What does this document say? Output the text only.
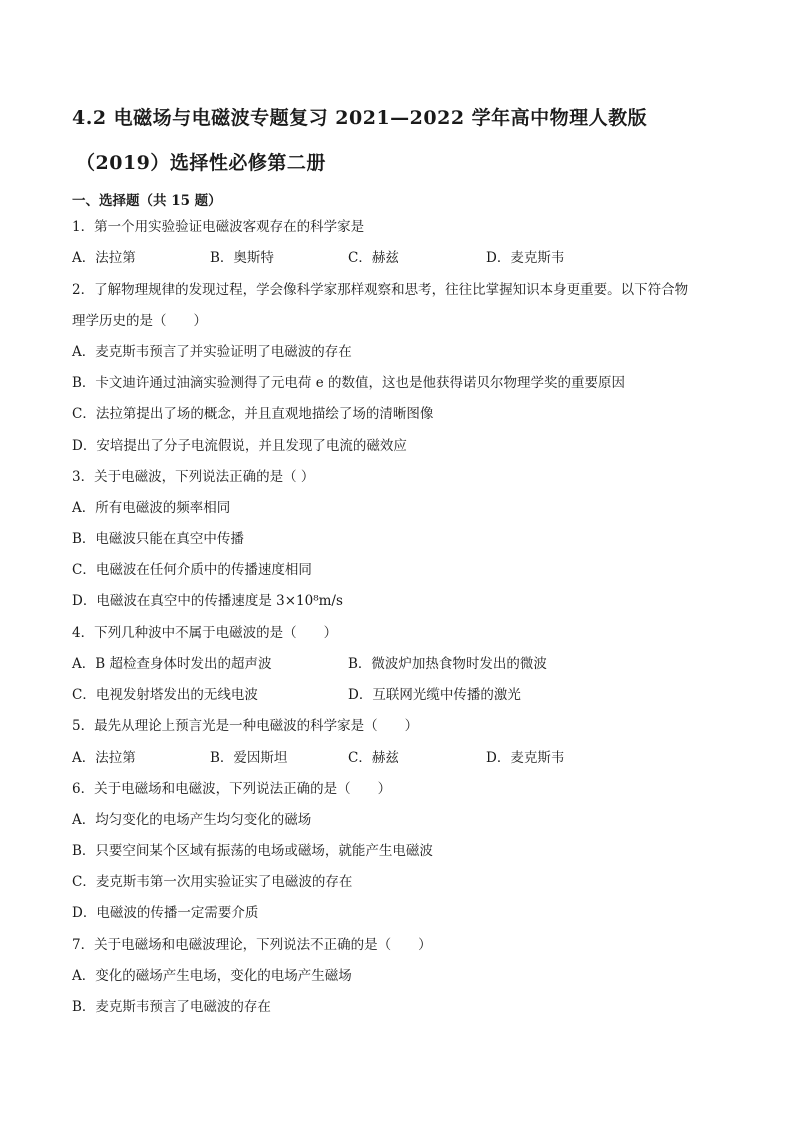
4.2 电磁场与电磁波专题复习 2021—2022 学年高中物理人教版
（2019）选择性必修第二册
一、选择题（共 15 题）
1．第一个用实验验证电磁波客观存在的科学家是
A．法拉第	B．奥斯特	C．赫兹	D．麦克斯韦
2．了解物理规律的发现过程，学会像科学家那样观察和思考，往往比掌握知识本身更重要。以下符合物
理学历史的是（　　）
A．麦克斯韦预言了并实验证明了电磁波的存在
B．卡文迪许通过油滴实验测得了元电荷 e 的数值，这也是他获得诺贝尔物理学奖的重要原因
C．法拉第提出了场的概念，并且直观地描绘了场的清晰图像
D．安培提出了分子电流假说，并且发现了电流的磁效应
3．关于电磁波，下列说法正确的是（ ）
A．所有电磁波的频率相同
B．电磁波只能在真空中传播
C．电磁波在任何介质中的传播速度相同
D．电磁波在真空中的传播速度是 3×10⁸m/s
4．下列几种波中不属于电磁波的是（　　）
A．B 超检查身体时发出的超声波	B．微波炉加热食物时发出的微波
C．电视发射塔发出的无线电波	D．互联网光缆中传播的激光
5．最先从理论上预言光是一种电磁波的科学家是（　　）
A．法拉第	B．爱因斯坦	C．赫兹	D．麦克斯韦
6．关于电磁场和电磁波，下列说法正确的是（　　）
A．均匀变化的电场产生均匀变化的磁场
B．只要空间某个区域有振荡的电场或磁场，就能产生电磁波
C．麦克斯韦第一次用实验证实了电磁波的存在
D．电磁波的传播一定需要介质
7．关于电磁场和电磁波理论，下列说法不正确的是（　　）
A．变化的磁场产生电场，变化的电场产生磁场
B．麦克斯韦预言了电磁波的存在
